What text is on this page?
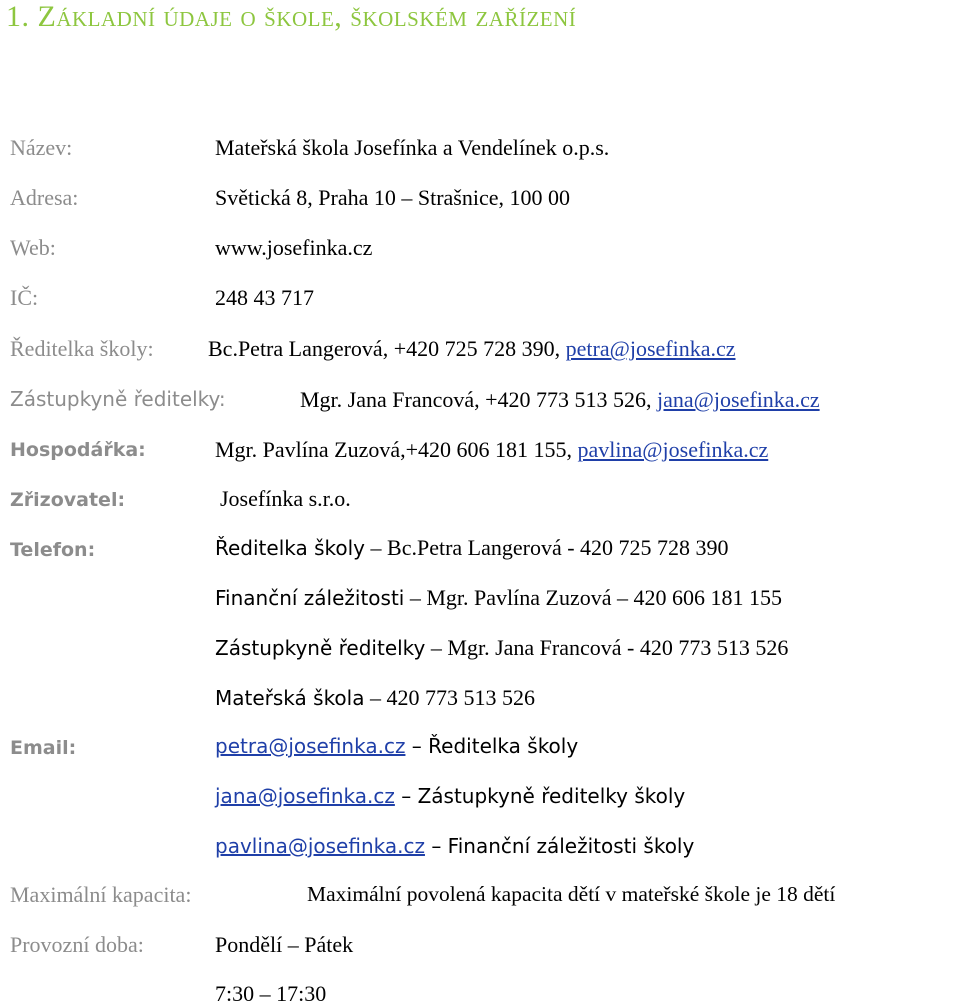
1. Základní údaje o škole, školském zařízení
Název:	Mateřská škola Josefínka a Vendelínek o.p.s.
Adresa:	Světická 8, Praha 10 – Strašnice, 100 00
Web:	www.josefinka.cz
IČ:	248 43 717
Ředitelka školy: Bc.Petra Langerová, +420 725 728 390, petra@josefinka.cz
Zástupkyně ředitelky:	Mgr. Jana Francová, +420 773 513 526, jana@josefinka.cz
Hospodářka:	Mgr. Pavlína Zuzová,+420 606 181 155, pavlina@josefinka.cz
Zřizovatel:	Josefínka s.r.o.
Telefon:	Ředitelka školy – Bc.Petra Langerová - 420 725 728 390
Finanční záležitosti – Mgr. Pavlína Zuzová – 420 606 181 155
Zástupkyně ředitelky – Mgr. Jana Francová - 420 773 513 526
Mateřská škola – 420 773 513 526
Email:	petra@josefinka.cz – Ředitelka školy
jana@josefinka.cz – Zástupkyně ředitelky školy
pavlina@josefinka.cz – Finanční záležitosti školy
Maximální kapacita:	Maximální povolená kapacita dětí v mateřské škole je 18 dětí
Provozní doba:	Pondělí – Pátek
7:30 – 17:30
